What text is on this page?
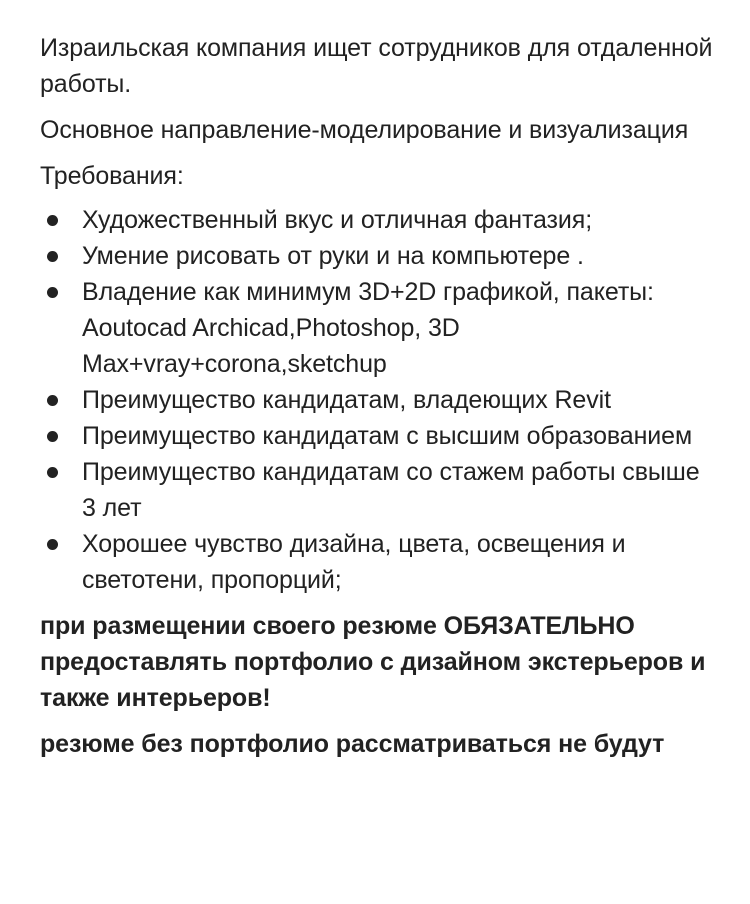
Израильская компания ищет сотрудников для отдаленной работы.

Основное направление-моделирование и визуализация

Требования:

Художественный вкус и отличная фантазия;
Умение рисовать от руки и на компьютере .
Владение как минимум 3D+2D графикой, пакеты: Aoutocad Archicad,Photoshop, 3D Max+vray+corona,sketchup
Преимущество кандидатам, владеющих Revit
Преимущество кандидатам с высшим образованием
Преимущество кандидатам со стажем работы свыше 3 лет
Хорошее чувство дизайна, цвета, освещения и светотени, пропорций;

при размещении своего резюме ОБЯЗАТЕЛЬНО предоставлять портфолио с дизайном экстерьеров и также интерьеров!

резюме без портфолио рассматриваться не будут
